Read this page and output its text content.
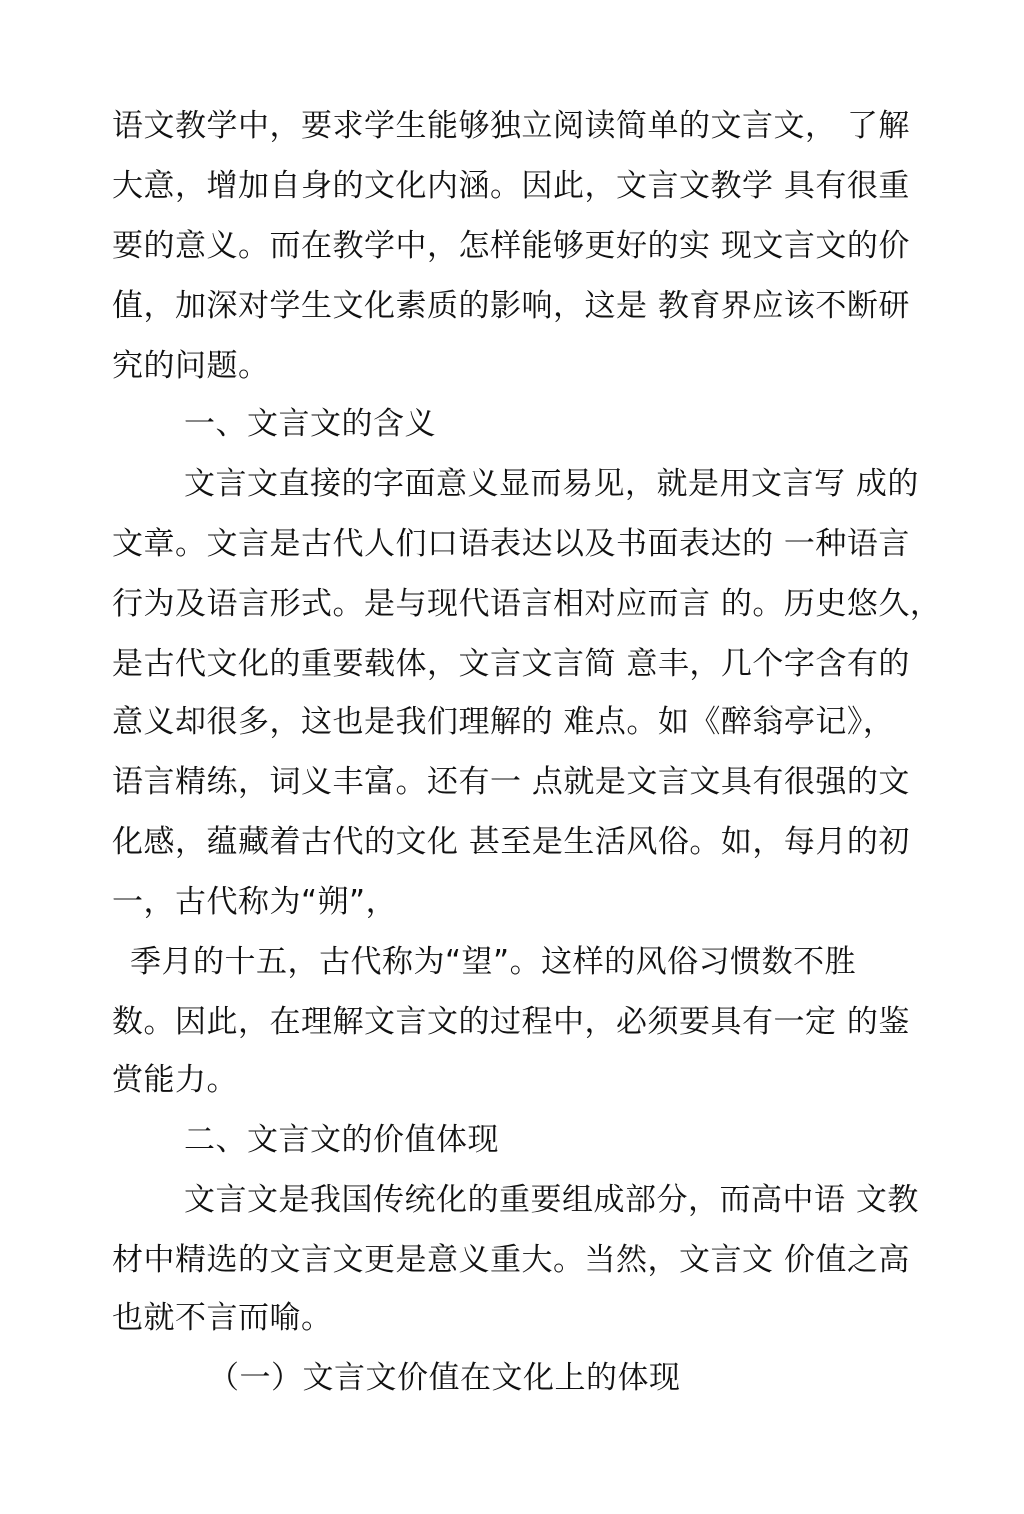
语文教学中，要求学生能够独立阅读简单的文言文， 了解
大意，增加自身的文化内涵。因此，文言文教学 具有很重
要的意义。而在教学中，怎样能够更好的实 现文言文的价
值，加深对学生文化素质的影响，这是 教育界应该不断研
究的问题。
一、文言文的含义
文言文直接的字面意义显而易见，就是用文言写 成的
文章。文言是古代人们口语表达以及书面表达的 一种语言
行为及语言形式。是与现代语言相对应而言 的。历史悠久，
是古代文化的重要载体，文言文言简 意丰，几个字含有的
意义却很多，这也是我们理解的 难点。如《醉翁亭记》，
语言精练，词义丰富。还有一 点就是文言文具有很强的文
化感，蕴藏着古代的文化 甚至是生活风俗。如，每月的初
一，古代称为“朔”，
季月的十五，古代称为“望”。这样的风俗习惯数不胜
数。因此，在理解文言文的过程中，必须要具有一定 的鉴
赏能力。
二、文言文的价值体现
文言文是我国传统化的重要组成部分，而高中语 文教
材中精选的文言文更是意义重大。当然，文言文 价值之高
也就不言而喻。
（一）文言文价值在文化上的体现
